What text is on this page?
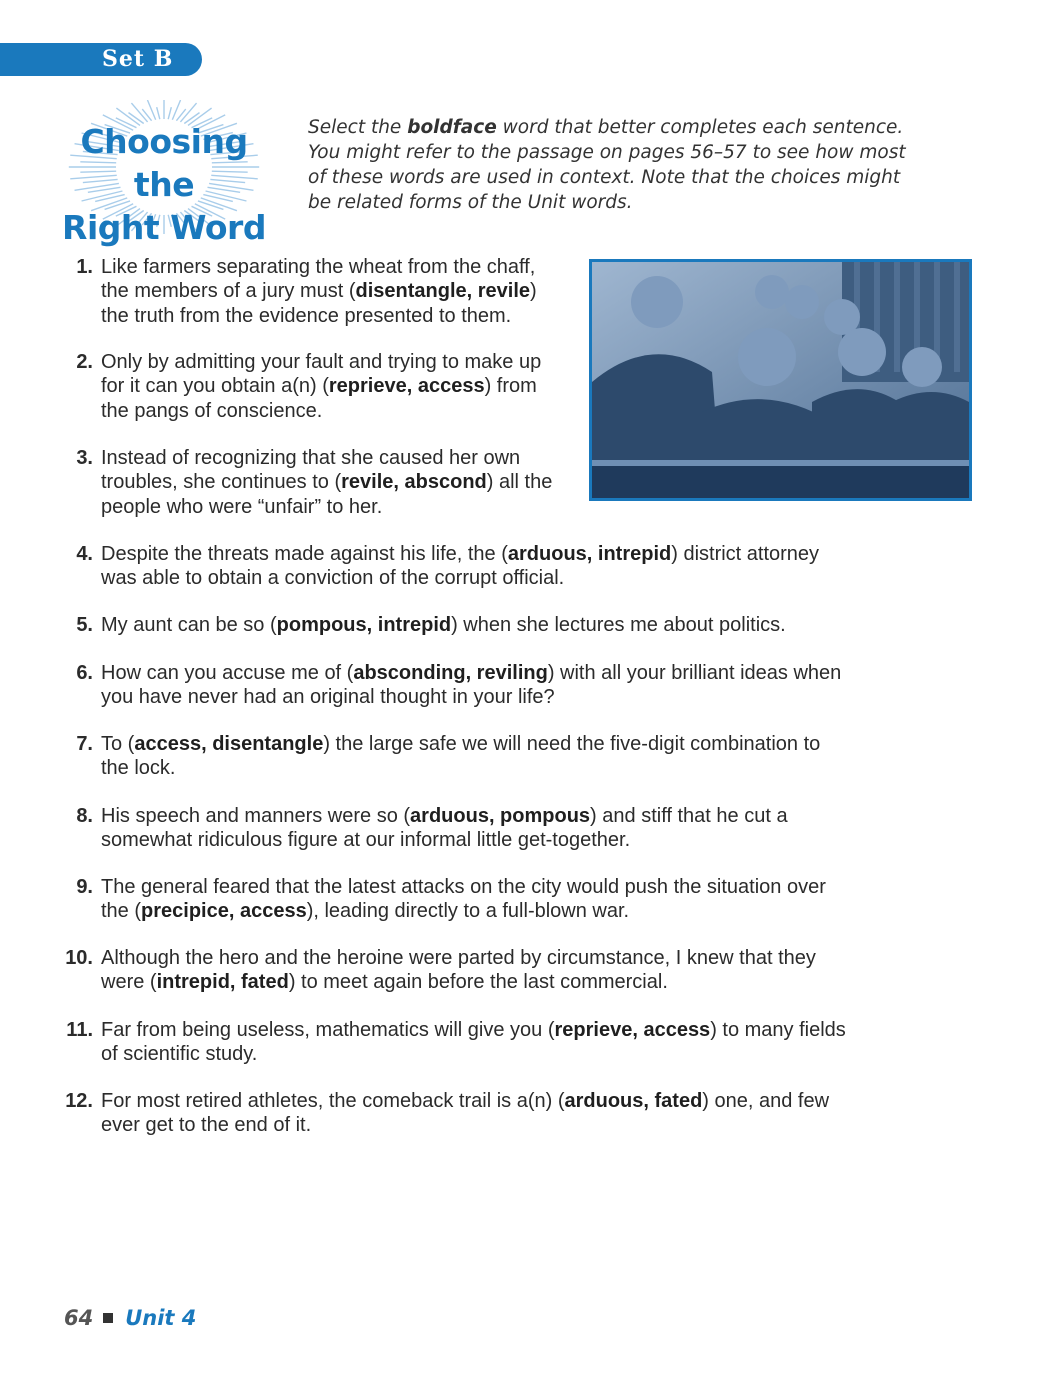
Set B
Choosing the
Right Word
Select the boldface word that better completes each sentence. You might refer to the passage on pages 56–57 to see how most of these words are used in context. Note that the choices might be related forms of the Unit words.
1. Like farmers separating the wheat from the chaff, the members of a jury must (disentangle, revile) the truth from the evidence presented to them.
2. Only by admitting your fault and trying to make up for it can you obtain a(n) (reprieve, access) from the pangs of conscience.
3. Instead of recognizing that she caused her own troubles, she continues to (revile, abscond) all the people who were “unfair” to her.
4. Despite the threats made against his life, the (arduous, intrepid) district attorney was able to obtain a conviction of the corrupt official.
5. My aunt can be so (pompous, intrepid) when she lectures me about politics.
6. How can you accuse me of (absconding, reviling) with all your brilliant ideas when you have never had an original thought in your life?
7. To (access, disentangle) the large safe we will need the five-digit combination to the lock.
8. His speech and manners were so (arduous, pompous) and stiff that he cut a somewhat ridiculous figure at our informal little get-together.
9. The general feared that the latest attacks on the city would push the situation over the (precipice, access), leading directly to a full-blown war.
10. Although the hero and the heroine were parted by circumstance, I knew that they were (intrepid, fated) to meet again before the last commercial.
11. Far from being useless, mathematics will give you (reprieve, access) to many fields of scientific study.
12. For most retired athletes, the comeback trail is a(n) (arduous, fated) one, and few ever get to the end of it.
64 Unit 4
